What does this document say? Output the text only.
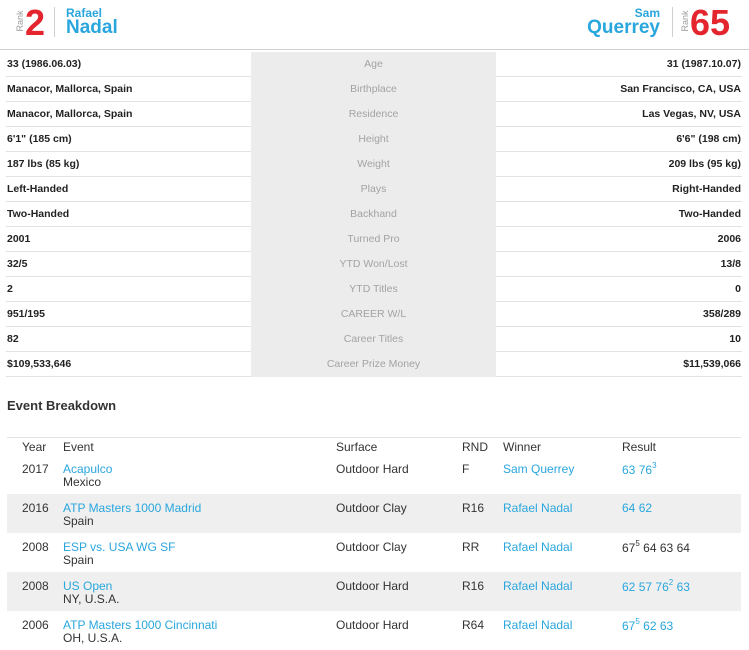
Rank 2 Rafael
Nadal
Sam
Querrey Rank 65
33 (1986.06.03)	Age	31 (1987.10.07)
Manacor, Mallorca, Spain	Birthplace	San Francisco, CA, USA
Manacor, Mallorca, Spain	Residence	Las Vegas, NV, USA
6'1" (185 cm)	Height	6'6" (198 cm)
187 lbs (85 kg)	Weight	209 lbs (95 kg)
Left-Handed	Plays	Right-Handed
Two-Handed	Backhand	Two-Handed
2001	Turned Pro	2006
32/5	YTD Won/Lost	13/8
2	YTD Titles	0
951/195	CAREER W/L	358/289
82	Career Titles	10
$109,533,646	Career Prize Money	$11,539,066
Event Breakdown
Year Event	Surface	RND Winner	Result
2017 Acapulco
Mexico
Outdoor Hard	F	Sam Querrey	63 $76^3$
2016 ATP Masters 1000 Madrid
Spain
Outdoor Clay	R16 Rafael Nadal	64 62
2008 ESP vs. USA WG SF
Spain
Outdoor Clay	RR Rafael Nadal	$67^5$ 64 63 64
2008 US Open
NY, U.S.A.
Outdoor Hard	R16 Rafael Nadal	62 57 $76^2$ 63
2006 ATP Masters 1000 Cincinnati
OH, U.S.A.
Outdoor Hard	R64 Rafael Nadal	$67^5$ 62 63
